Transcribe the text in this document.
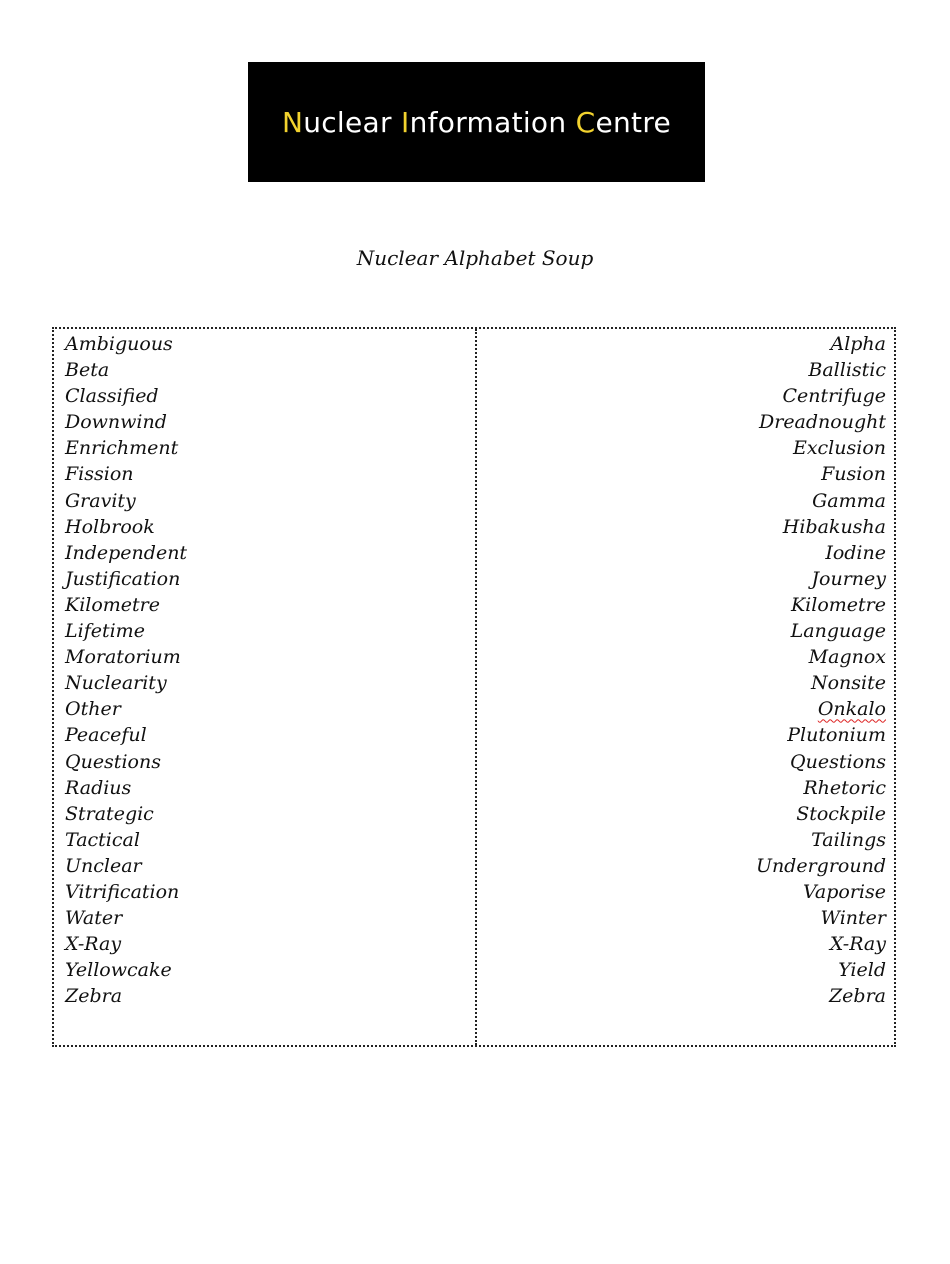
Nuclear Information Centre
Nuclear Alphabet Soup
Ambiguous
Beta
Classified
Downwind
Enrichment
Fission
Gravity
Holbrook
Independent
Justification
Kilometre
Lifetime
Moratorium
Nuclearity
Other
Peaceful
Questions
Radius
Strategic
Tactical
Unclear
Vitrification
Water
X-Ray
Yellowcake
Zebra
Alpha
Ballistic
Centrifuge
Dreadnought
Exclusion
Fusion
Gamma
Hibakusha
Iodine
Journey
Kilometre
Language
Magnox
Nonsite
Onkalo
Plutonium
Questions
Rhetoric
Stockpile
Tailings
Underground
Vaporise
Winter
X-Ray
Yield
Zebra
